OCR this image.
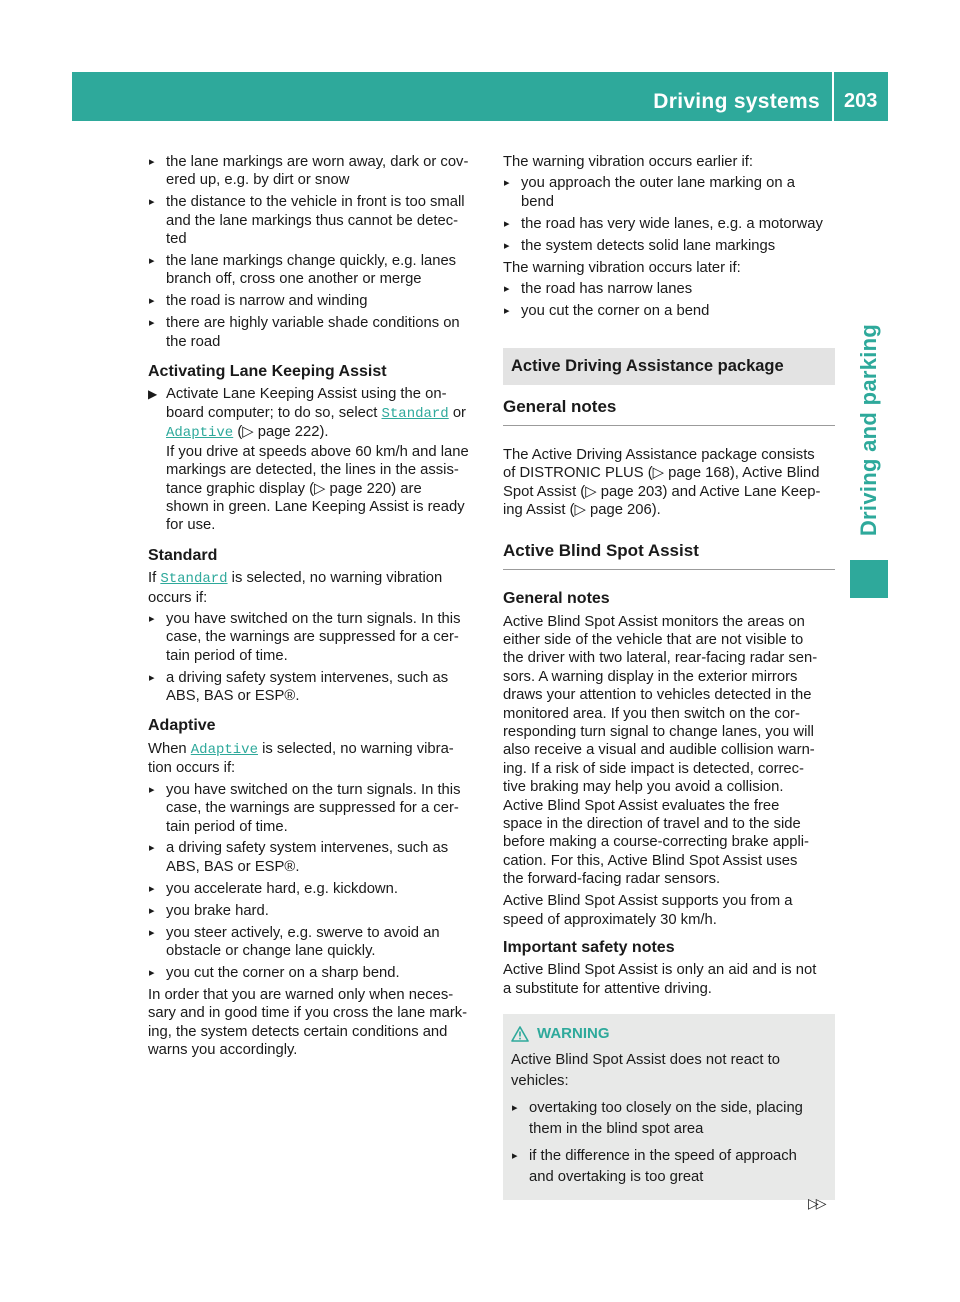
Driving systems 203
Driving and parking
▸ the lane markings are worn away, dark or cov-
ered up, e.g. by dirt or snow
▸ the distance to the vehicle in front is too small
and the lane markings thus cannot be detec-
ted
▸ the lane markings change quickly, e.g. lanes
branch off, cross one another or merge
▸ the road is narrow and winding
▸ there are highly variable shade conditions on
the road
Activating Lane Keeping Assist
▶ Activate Lane Keeping Assist using the on-
board computer; to do so, select Standard or
Adaptive (▷ page 222).
If you drive at speeds above 60 km/h and lane
markings are detected, the lines in the assis-
tance graphic display (▷ page 220) are
shown in green. Lane Keeping Assist is ready
for use.
Standard
If Standard is selected, no warning vibration
occurs if:
▸ you have switched on the turn signals. In this
case, the warnings are suppressed for a cer-
tain period of time.
▸ a driving safety system intervenes, such as
ABS, BAS or ESP®.
Adaptive
When Adaptive is selected, no warning vibra-
tion occurs if:
▸ you have switched on the turn signals. In this
case, the warnings are suppressed for a cer-
tain period of time.
▸ a driving safety system intervenes, such as
ABS, BAS or ESP®.
▸ you accelerate hard, e.g. kickdown.
▸ you brake hard.
▸ you steer actively, e.g. swerve to avoid an
obstacle or change lane quickly.
▸ you cut the corner on a sharp bend.
In order that you are warned only when neces-
sary and in good time if you cross the lane mark-
ing, the system detects certain conditions and
warns you accordingly.
The warning vibration occurs earlier if:
▸ you approach the outer lane marking on a
bend
▸ the road has very wide lanes, e.g. a motorway
▸ the system detects solid lane markings
The warning vibration occurs later if:
▸ the road has narrow lanes
▸ you cut the corner on a bend
Active Driving Assistance package
General notes
The Active Driving Assistance package consists
of DISTRONIC PLUS (▷ page 168), Active Blind
Spot Assist (▷ page 203) and Active Lane Keep-
ing Assist (▷ page 206).
Active Blind Spot Assist
General notes
Active Blind Spot Assist monitors the areas on
either side of the vehicle that are not visible to
the driver with two lateral, rear-facing radar sen-
sors. A warning display in the exterior mirrors
draws your attention to vehicles detected in the
monitored area. If you then switch on the cor-
responding turn signal to change lanes, you will
also receive a visual and audible collision warn-
ing. If a risk of side impact is detected, correc-
tive braking may help you avoid a collision.
Active Blind Spot Assist evaluates the free
space in the direction of travel and to the side
before making a course-correcting brake appli-
cation. For this, Active Blind Spot Assist uses
the forward-facing radar sensors.
Active Blind Spot Assist supports you from a
speed of approximately 30 km/h.
Important safety notes
Active Blind Spot Assist is only an aid and is not
a substitute for attentive driving.
WARNING
Active Blind Spot Assist does not react to
vehicles:
▸ overtaking too closely on the side, placing
them in the blind spot area
▸ if the difference in the speed of approach
and overtaking is too great
▷▷
